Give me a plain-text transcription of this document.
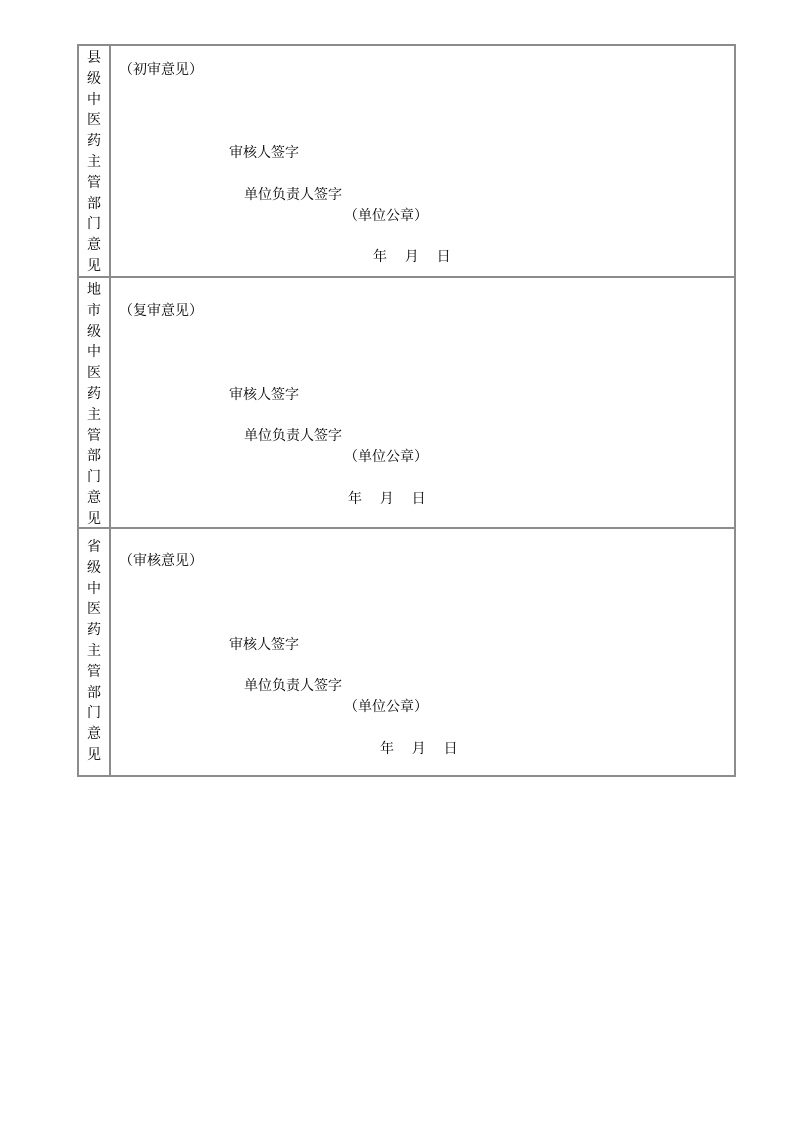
县
级
中
医
药
主
管
部
门
意
见
（初审意见）
审核人签字
单位负责人签字
（单位公章）
年    月    日
地
市
级
中
医
药
主
管
部
门
意
见
（复审意见）
审核人签字
单位负责人签字
（单位公章）
年    月    日
省
级
中
医
药
主
管
部
门
意
见
（审核意见）
审核人签字
单位负责人签字
（单位公章）
年    月    日
